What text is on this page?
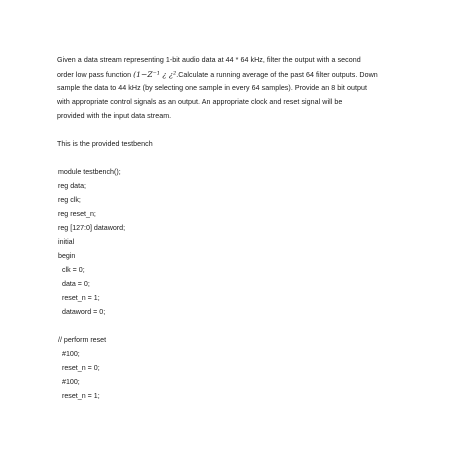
Given a data stream representing 1-bit audio data at 44 * 64 kHz, filter the output with a second
order low pass function (1−Z⁻¹ ¿ ¿².Calculate a running average of the past 64 filter outputs. Down
sample the data to 44 kHz (by selecting one sample in every 64 samples). Provide an 8 bit output
with appropriate control signals as an output. An appropriate clock and reset signal will be
provided with the input data stream.
This is the provided testbench
module testbench();
reg data;
reg clk;
reg reset_n;
reg [127:0] dataword;
initial
begin
clk = 0;
data = 0;
reset_n = 1;
dataword = 0;
// perform reset
#100;
reset_n = 0;
#100;
reset_n = 1;
